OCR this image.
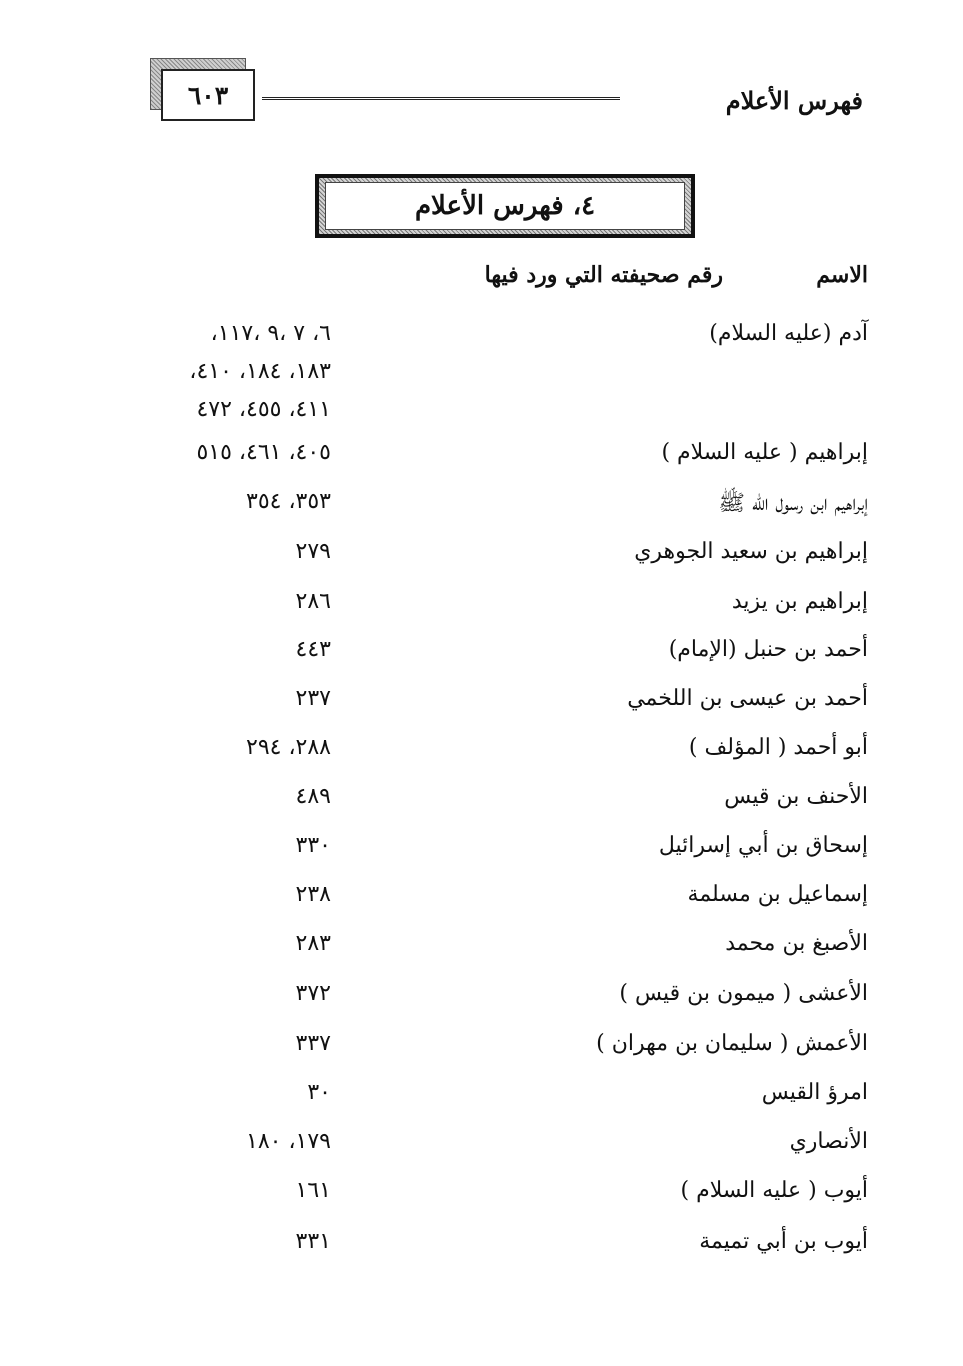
فهرس الأعلام
٦٠٣
٤، فهرس الأعلام
الاسم
رقم صحيفته التي ورد فيها
آدم (عليه السلام)
٦، ٧ ،٩ ،١١٧،
١٨٣، ١٨٤، ٤١٠،
٤١١، ٤٥٥، ٤٧٢
إبراهيم ( عليه السلام )
٤٠٥، ٤٦١، ٥١٥
إبراهيم ابن رسول اللّه ﷺ
٣٥٣، ٣٥٤
إبراهيم بن سعيد الجوهري
٢٧٩
إبراهيم بن يزيد
٢٨٦
أحمد بن حنبل (الإمام)
٤٤٣
أحمد بن عيسى بن اللخمي
٢٣٧
أبو أحمد ( المؤلف )
٢٨٨، ٢٩٤
الأحنف بن قيس
٤٨٩
إسحاق بن أبي إسرائيل
٣٣٠
إسماعيل بن مسلمة
٢٣٨
الأصبغ بن محمد
٢٨٣
الأعشى ( ميمون بن قيس )
٣٧٢
الأعمش ( سليمان بن مهران )
٣٣٧
امرؤ القيس
٣٠
الأنصاري
١٧٩، ١٨٠
أيوب ( عليه السلام )
١٦١
أيوب بن أبي تميمة
٣٣١
